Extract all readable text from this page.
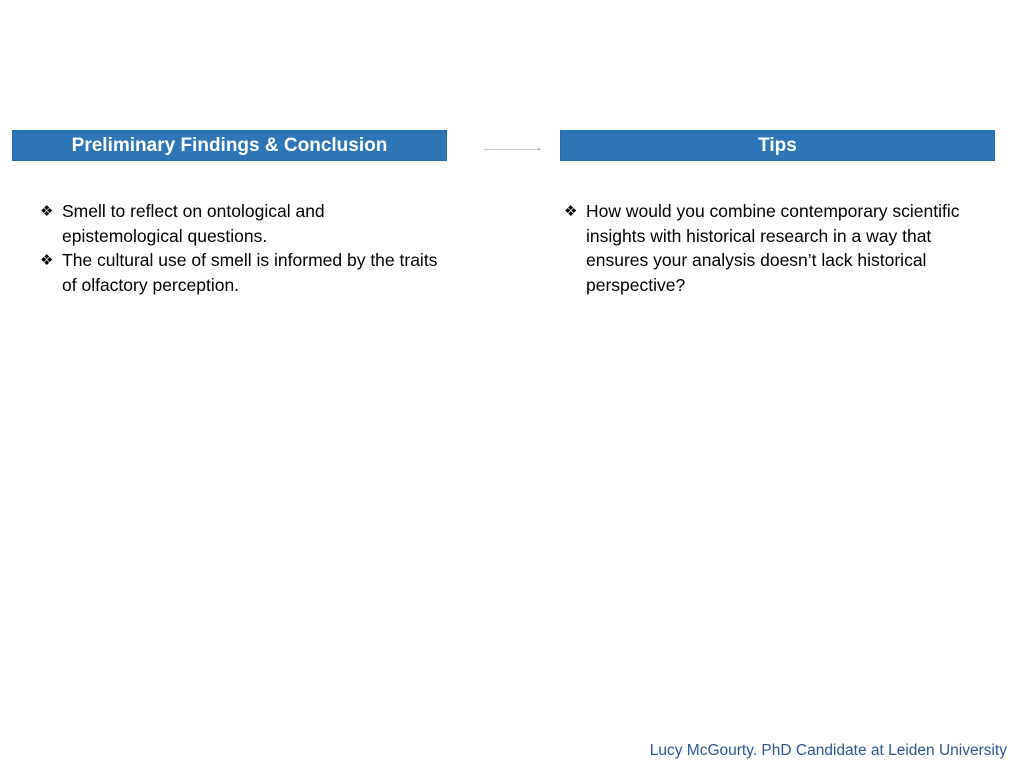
Preliminary Findings & Conclusion	Tips
❖ Smell to reflect on ontological and epistemological questions.
❖ The cultural use of smell is informed by the traits of olfactory perception.
❖ How would you combine contemporary scientific insights with historical research in a way that ensures your analysis doesn’t lack historical perspective?
Lucy McGourty. PhD Candidate at Leiden University
